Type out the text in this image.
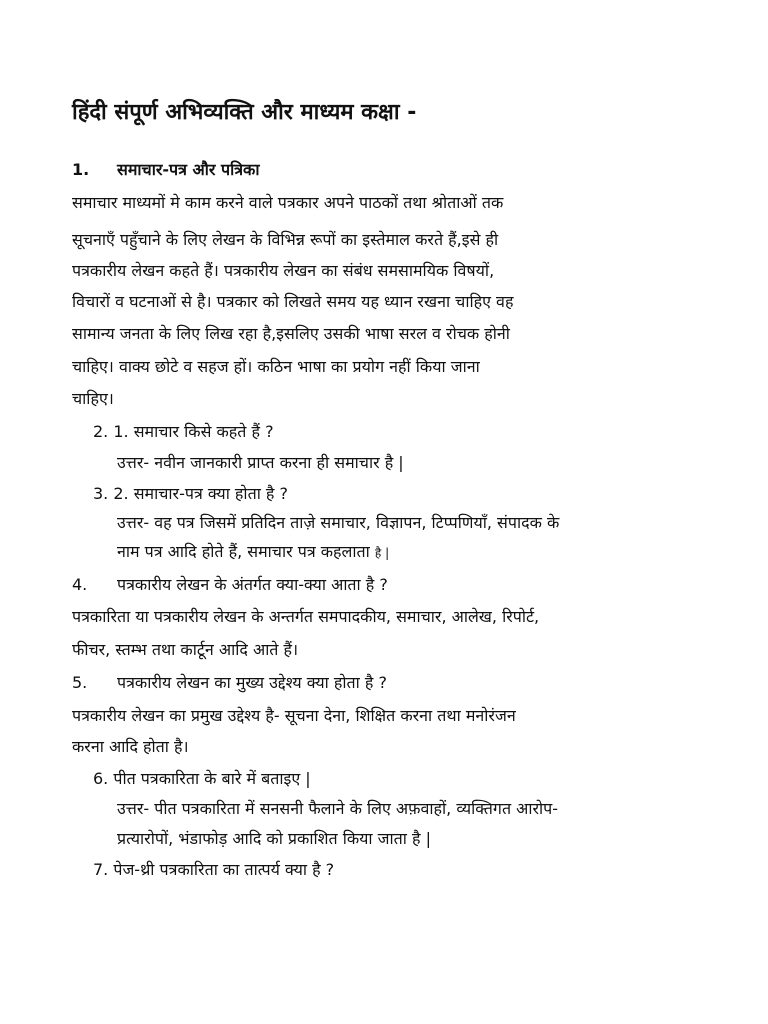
हिंदी संपूर्ण अभिव्यक्ति और माध्यम कक्षा -
1. समाचार-पत्र और पत्रिका
समाचार माध्यमों मे काम करने वाले पत्रकार अपने पाठकों तथा श्रोताओं तक
सूचनाएँ पहुँचाने के लिए लेखन के विभिन्न रूपों का इस्तेमाल करते हैं,इसे ही
पत्रकारीय लेखन कहते हैं। पत्रकारीय लेखन का संबंध समसामयिक विषयों,
विचारों व घटनाओं से है। पत्रकार को लिखते समय यह ध्यान रखना चाहिए वह
सामान्य जनता के लिए लिख रहा है,इसलिए उसकी भाषा सरल व रोचक होनी
चाहिए। वाक्य छोटे व सहज हों। कठिन भाषा का प्रयोग नहीं किया जाना
चाहिए।
2. 1. समाचार किसे कहते हैं ?
उत्तर- नवीन जानकारी प्राप्त करना ही समाचार है |
3. 2. समाचार-पत्र क्या होता है ?
उत्तर- वह पत्र जिसमें प्रतिदिन ताज़े समाचार, विज्ञापन, टिप्पणियाँ, संपादक के
नाम पत्र आदि होते हैं, समाचार पत्र कहलाता है |
4. पत्रकारीय लेखन के अंतर्गत क्या-क्या आता है ?
पत्रकारिता या पत्रकारीय लेखन के अन्तर्गत समपादकीय, समाचार, आलेख, रिपोर्ट,
फीचर, स्तम्भ तथा कार्टून आदि आते हैं।
5. पत्रकारीय लेखन का मुख्य उद्देश्य क्या होता है ?
पत्रकारीय लेखन का प्रमुख उद्देश्य है- सूचना देना, शिक्षित करना तथा मनोरंजन
करना आदि होता है।
6. पीत पत्रकारिता के बारे में बताइए |
उत्तर- पीत पत्रकारिता में सनसनी फैलाने के लिए अफ़वाहों, व्यक्तिगत आरोप-
प्रत्यारोपों, भंडाफोड़ आदि को प्रकाशित किया जाता है |
7. पेज-थ्री पत्रकारिता का तात्पर्य क्या है ?
